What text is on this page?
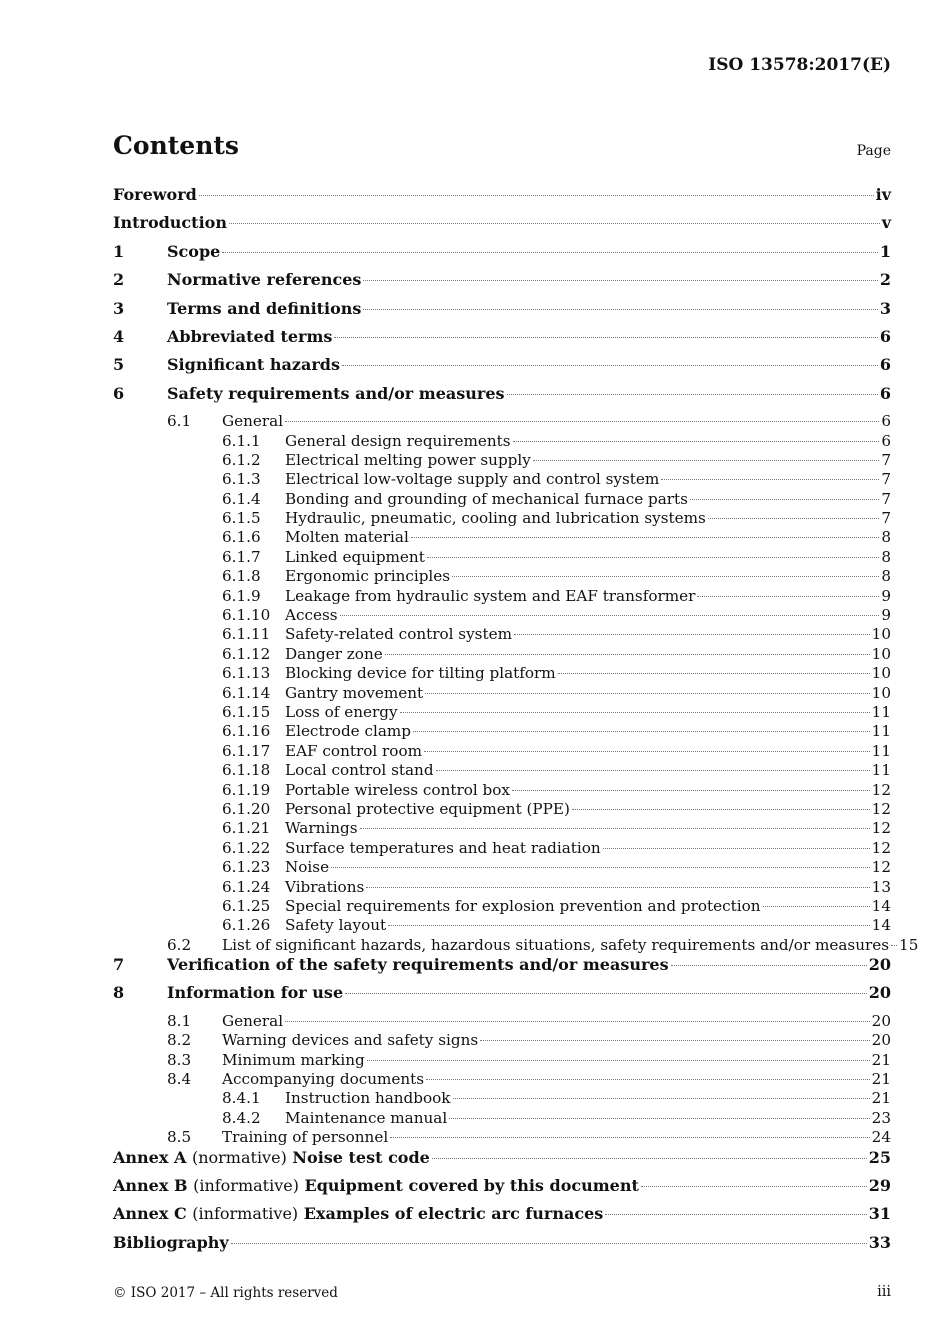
ISO 13578:2017(E)
Contents	Page
Foreword	iv
Introduction	v
1	Scope	1
2	Normative references	2
3	Terms and definitions	3
4	Abbreviated terms	6
5	Significant hazards	6
6	Safety requirements and/or measures	6
6.1	General	6
6.1.1	General design requirements	6
6.1.2	Electrical melting power supply	7
6.1.3	Electrical low-voltage supply and control system	7
6.1.4	Bonding and grounding of mechanical furnace parts	7
6.1.5	Hydraulic, pneumatic, cooling and lubrication systems	7
6.1.6	Molten material	8
6.1.7	Linked equipment	8
6.1.8	Ergonomic principles	8
6.1.9	Leakage from hydraulic system and EAF transformer	9
6.1.10 Access	9
6.1.11 Safety-related control system	10
6.1.12 Danger zone	10
6.1.13 Blocking device for tilting platform	10
6.1.14 Gantry movement	10
6.1.15 Loss of energy	11
6.1.16 Electrode clamp	11
6.1.17 EAF control room	11
6.1.18 Local control stand	11
6.1.19 Portable wireless control box	12
6.1.20 Personal protective equipment (PPE)	12
6.1.21 Warnings	12
6.1.22 Surface temperatures and heat radiation	12
6.1.23 Noise	12
6.1.24 Vibrations	13
6.1.25 Special requirements for explosion prevention and protection	14
6.1.26 Safety layout	14
6.2	List of significant hazards, hazardous situations, safety requirements and/or measures 15
7	Verification of the safety requirements and/or measures	20
8	Information for use	20
8.1	General	20
8.2	Warning devices and safety signs	20
8.3	Minimum marking	21
8.4	Accompanying documents	21
8.4.1	Instruction handbook	21
8.4.2	Maintenance manual	23
8.5	Training of personnel	24
Annex A (normative) Noise test code	25
Annex B (informative) Equipment covered by this document	29
Annex C (informative) Examples of electric arc furnaces	31
Bibliography	33
© ISO 2017 – All rights reserved	iii
